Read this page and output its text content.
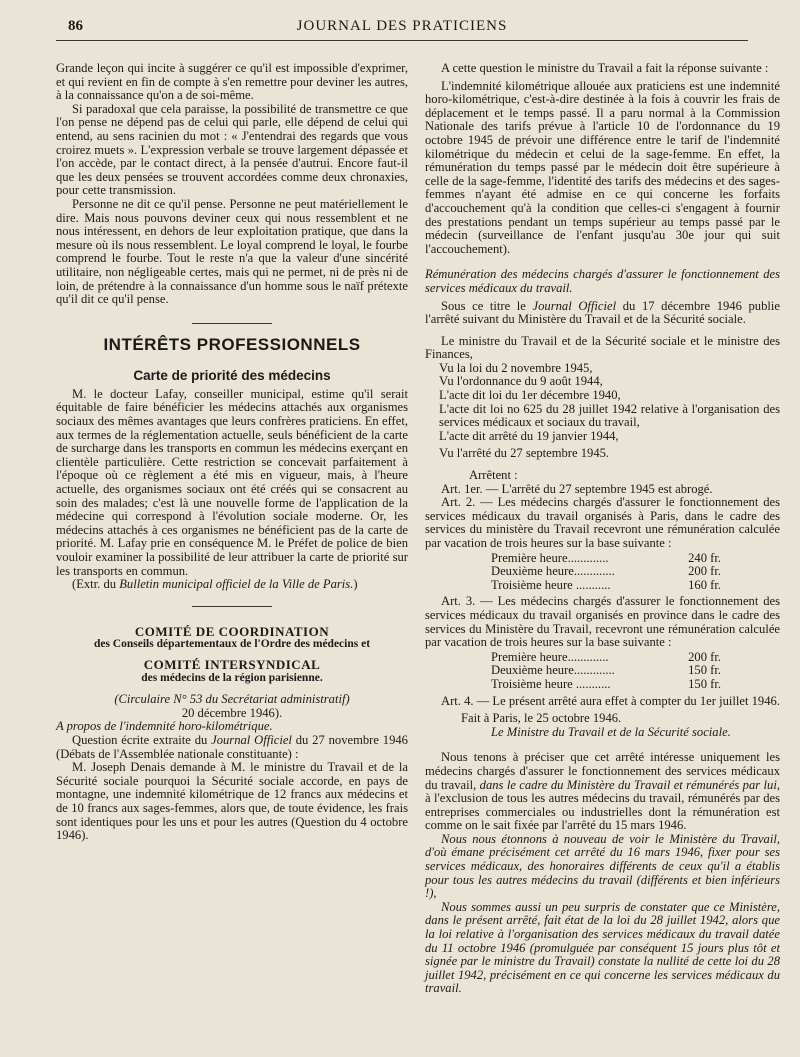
86	JOURNAL DES PRATICIENS

Grande leçon qui incite à suggérer ce qu'il est impossible d'exprimer, et qui revient en fin de compte à s'en remettre pour deviner les autres, à la connaissance qu'on a de soi-même.

Si paradoxal que cela paraisse, la possibilité de transmettre ce que l'on pense ne dépend pas de celui qui parle, elle dépend de celui qui entend, au sens racinien du mot : « J'entendrai des regards que vous croirez muets ». L'expression verbale se trouve largement dépassée et l'on accède, par le contact direct, à la pensée d'autrui. Encore faut-il que les deux pensées se trouvent accordées comme deux chronaxies, pour cette transmission.

Personne ne dit ce qu'il pense. Personne ne peut matériellement le dire. Mais nous pouvons deviner ceux qui nous ressemblent et ne nous intéressent, en dehors de leur exploitation pratique, que dans la mesure où ils nous ressemblent. Le loyal comprend le loyal, le fourbe comprend le fourbe. Tout le reste n'a que la valeur d'une sincérité utilitaire, non négligeable certes, mais qui ne permet, ni de près ni de loin, de prétendre à la connaissance d'un homme sous le naïf prétexte qu'il dit ce qu'il pense.

INTÉRÊTS PROFESSIONNELS
Carte de priorité des médecins

M. le docteur Lafay, conseiller municipal, estime qu'il serait équitable de faire bénéficier les médecins attachés aux organismes sociaux des mêmes avantages que leurs confrères praticiens. En effet, aux termes de la réglementation actuelle, seuls bénéficient de la carte de surcharge dans les transports en commun les médecins exerçant en clientèle particulière. Cette restriction se concevait parfaitement à l'époque où ce règlement a été mis en vigueur, mais, à l'heure actuelle, des organismes sociaux ont été créés qui se consacrent au soin des malades; c'est là une nouvelle forme de l'application de la médecine qui correspond à l'évolution sociale moderne. Or, les médecins attachés à ces organismes ne bénéficient pas de la carte de priorité. M. Lafay prie en conséquence M. le Préfet de police de bien vouloir examiner la possibilité de leur attribuer la carte de priorité sur les transports en commun.

(Extr. du Bulletin municipal officiel de la Ville de Paris.)

COMITÉ DE COORDINATION
des Conseils départementaux de l'Ordre des médecins et
COMITÉ INTERSYNDICAL
des médecins de la région parisienne.
(Circulaire N° 53 du Secrétariat administratif)
20 décembre 1946).

A propos de l'indemnité horo-kilométrique.

Question écrite extraite du Journal Officiel du 27 novembre 1946 (Débats de l'Assemblée nationale constituante) :

M. Joseph Denais demande à M. le ministre du Travail et de la Sécurité sociale pourquoi la Sécurité sociale accorde, en pays de montagne, une indemnité kilométrique de 12 francs aux médecins et de 10 francs aux sages-femmes, alors que, de toute évidence, les frais sont identiques pour les uns et pour les autres (Question du 4 octobre 1946).

A cette question le ministre du Travail a fait la réponse suivante :

L'indemnité kilométrique allouée aux praticiens est une indemnité horo-kilométrique, c'est-à-dire destinée à la fois à couvrir les frais de déplacement et le temps passé. Il a paru normal à la Commission Nationale des tarifs prévue à l'article 10 de l'ordonnance du 19 octobre 1945 de prévoir une différence entre le tarif de l'indemnité kilométrique du médecin et celui de la sage-femme. En effet, la rémunération du temps passé par le médecin doit être supérieure à celle de la sage-femme, l'identité des tarifs des médecins et des sages-femmes n'ayant été admise en ce qui concerne les forfaits d'accouchement qu'à la condition que celles-ci s'engagent à fournir des prestations pendant un temps supérieur au temps passé par le médecin (surveillance de l'enfant jusqu'au 30e jour qui suit l'accouchement).

Rémunération des médecins chargés d'assurer le fonctionnement des services médicaux du travail.

Sous ce titre le Journal Officiel du 17 décembre 1946 publie l'arrêté suivant du Ministère du Travail et de la Sécurité sociale.

Le ministre du Travail et de la Sécurité sociale et le ministre des Finances,

Vu la loi du 2 novembre 1945,

Vu l'ordonnance du 9 août 1944,

L'acte dit loi du 1er décembre 1940,

L'acte dit loi no 625 du 28 juillet 1942 relative à l'organisation des services médicaux et sociaux du travail,

L'acte dit arrêté du 19 janvier 1944,

Vu l'arrêté du 27 septembre 1945.

Arrêtent :

Art. 1er. — L'arrêté du 27 septembre 1945 est abrogé.

Art. 2. — Les médecins chargés d'assurer le fonctionnement des services médicaux du travail organisés à Paris, dans le cadre des services du ministère du Travail recevront une rémunération calculée par vacation de trois heures sur la base suivante :

Première heure.............	240 fr.
Deuxième heure.............	200 fr.
Troisième heure ...........	160 fr.

Art. 3. — Les médecins chargés d'assurer le fonctionnement des services médicaux du travail organisés en province dans le cadre des services du Ministère du Travail, recevront une rémunération calculée par vacation de trois heures sur la base suivante :

Première heure.............	200 fr.
Deuxième heure.............	150 fr.
Troisième heure ...........	150 fr.

Art. 4. — Le présent arrêté aura effet à compter du 1er juillet 1946.

Fait à Paris, le 25 octobre 1946.

Le Ministre du Travail et de la Sécurité sociale.

Nous tenons à préciser que cet arrêté intéresse uniquement les médecins chargés d'assurer le fonctionnement des services médicaux du travail, dans le cadre du Ministère du Travail et rémunérés par lui, à l'exclusion de tous les autres médecins du travail, rémunérés par des entreprises commerciales ou industrielles dont la rémunération est comme on le sait fixée par l'arrêté du 15 mars 1946.

Nous nous étonnons à nouveau de voir le Ministère du Travail, d'où émane précisément cet arrêté du 16 mars 1946, fixer pour ses services médicaux, des honoraires différents de ceux qu'il a établis pour tous les autres médecins du travail (différents et bien inférieurs !),

Nous sommes aussi un peu surpris de constater que ce Ministère, dans le présent arrêté, fait état de la loi du 28 juillet 1942, alors que la loi relative à l'organisation des services médicaux du travail datée du 11 octobre 1946 (promulguée par conséquent 15 jours plus tôt et signée par le ministre du Travail) constate la nullité de cette loi du 28 juillet 1942, précisément en ce qui concerne les services médicaux du travail.
